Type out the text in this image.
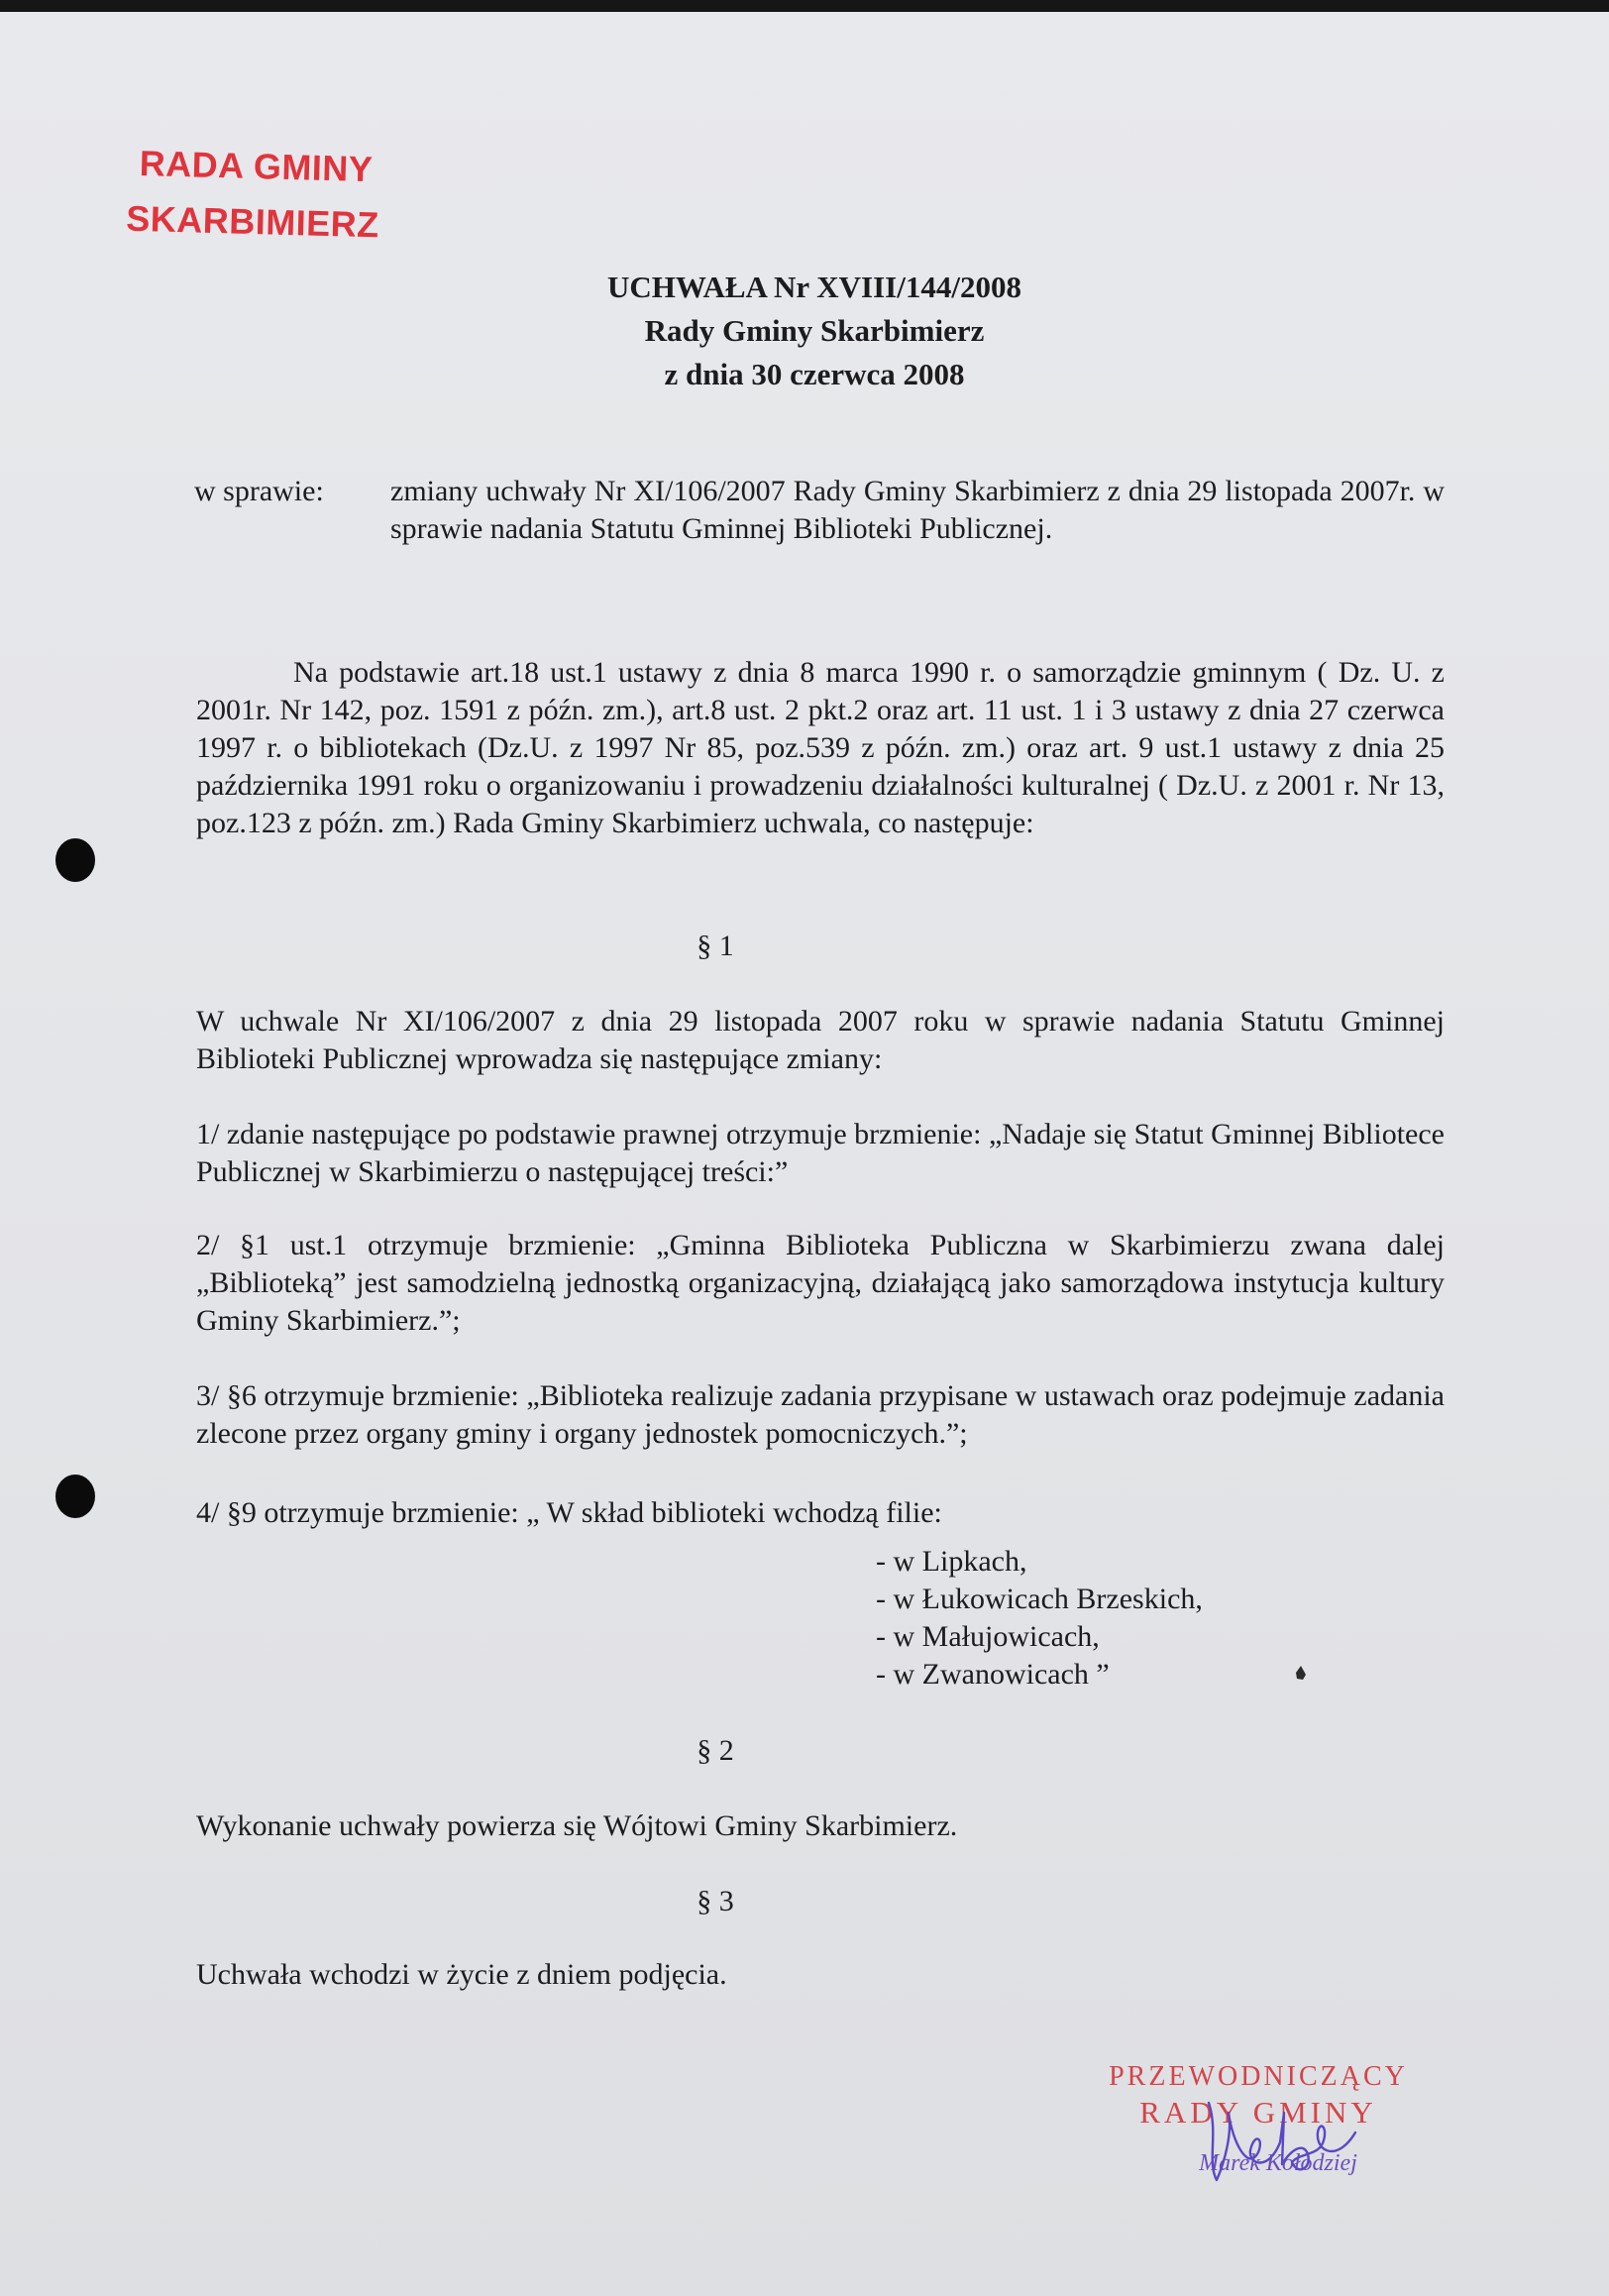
RADA GMINY
SKARBIMIERZ
UCHWAŁA Nr XVIII/144/2008
Rady Gminy Skarbimierz
z dnia 30 czerwca 2008
w sprawie: zmiany uchwały Nr XI/106/2007 Rady Gminy Skarbimierz z dnia 29 listopada 2007r. w sprawie nadania Statutu Gminnej Biblioteki Publicznej.
Na podstawie art.18 ust.1 ustawy z dnia 8 marca 1990 r. o samorządzie gminnym ( Dz. U. z 2001r. Nr 142, poz. 1591 z późn. zm.), art.8 ust. 2 pkt.2 oraz art. 11 ust. 1 i 3 ustawy z dnia 27 czerwca 1997 r. o bibliotekach (Dz.U. z 1997 Nr 85, poz.539 z późn. zm.) oraz art. 9 ust.1 ustawy z dnia 25 października 1991 roku o organizowaniu i prowadzeniu działalności kulturalnej ( Dz.U. z 2001 r. Nr 13, poz.123 z późn. zm.) Rada Gminy Skarbimierz uchwala, co następuje:
§ 1
W uchwale Nr XI/106/2007 z dnia 29 listopada 2007 roku w sprawie nadania Statutu Gminnej Biblioteki Publicznej wprowadza się następujące zmiany:
1/ zdanie następujące po podstawie prawnej otrzymuje brzmienie: „Nadaje się Statut Gminnej Bibliotece Publicznej w Skarbimierzu o następującej treści:”
2/ §1 ust.1 otrzymuje brzmienie: „Gminna Biblioteka Publiczna w Skarbimierzu zwana dalej „Biblioteką” jest samodzielną jednostką organizacyjną, działającą jako samorządowa instytucja kultury Gminy Skarbimierz.”;
3/ §6 otrzymuje brzmienie: „Biblioteka realizuje zadania przypisane w ustawach oraz podejmuje zadania zlecone przez organy gminy i organy jednostek pomocniczych.”;
4/ §9 otrzymuje brzmienie: „ W skład biblioteki wchodzą filie:
- w Lipkach,
- w Łukowicach Brzeskich,
- w Małujowicach,
- w Zwanowicach ”
§ 2
Wykonanie uchwały powierza się Wójtowi Gminy Skarbimierz.
§ 3
Uchwała wchodzi w życie z dniem podjęcia.
PRZEWODNICZĄCY
RADY GMINY
Marek Kołodziej
